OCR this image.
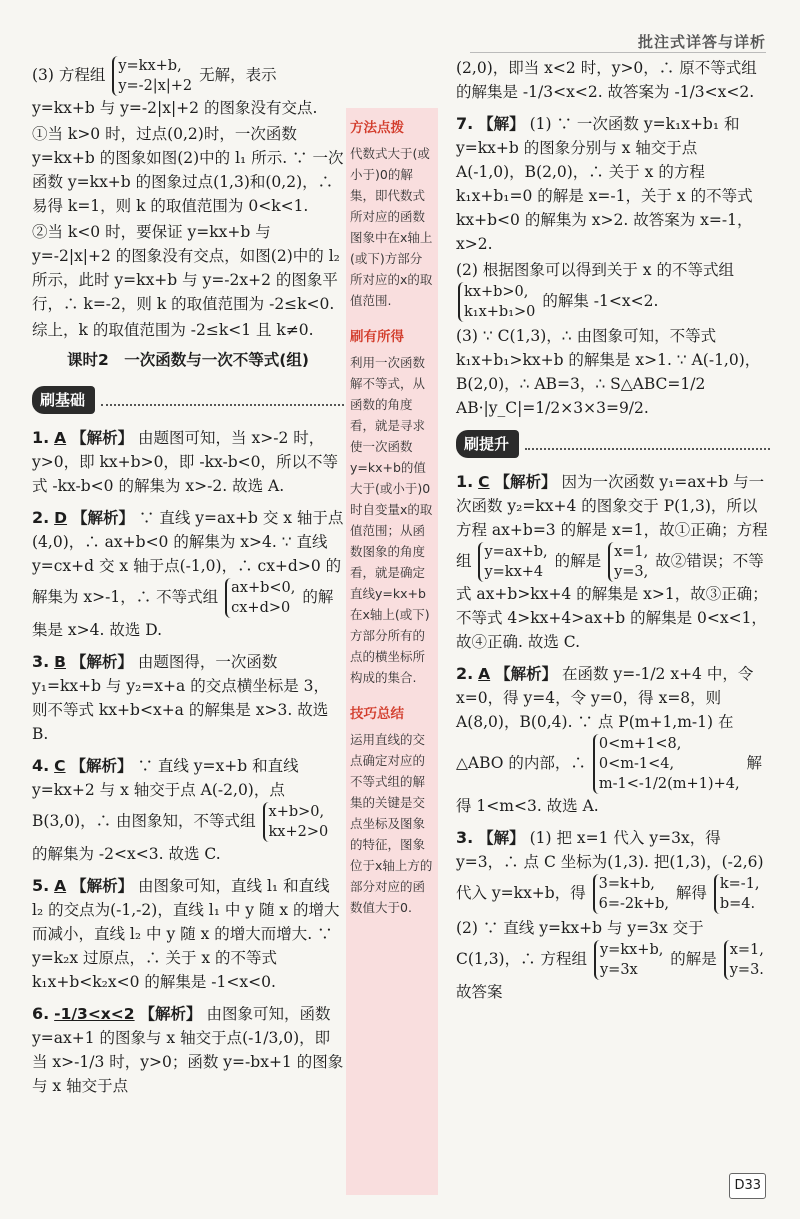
批注式详答与详析

(3) 方程组 y=kx+b,
y=-2|x|+2 无解，表示 y=kx+b 与 y=-2|x|+2 的图象没有交点.

①当 k>0 时，过点(0,2)时，一次函数 y=kx+b 的图象如图(2)中的 l₁ 所示. ∵ 一次函数 y=kx+b 的图象过点(1,3)和(0,2)，∴ 易得 k=1，则 k 的取值范围为 0<k<1.

②当 k<0 时，要保证 y=kx+b 与 y=-2|x|+2 的图象没有交点，如图(2)中的 l₂ 所示，此时 y=kx+b 与 y=-2x+2 的图象平行，∴ k=-2，则 k 的取值范围为 -2≤k<0.

综上，k 的取值范围为 -2≤k<1 且 k≠0.

课时2　一次函数与一次不等式(组)
刷基础

1. A 【解析】 由题图可知，当 x>-2 时，y>0，即 kx+b>0，即 -kx-b<0，所以不等式 -kx-b<0 的解集为 x>-2. 故选 A.

2. D 【解析】 ∵ 直线 y=ax+b 交 x 轴于点(4,0)，∴ ax+b<0 的解集为 x>4. ∵ 直线 y=cx+d 交 x 轴于点(-1,0)，∴ cx+d>0 的解集为 x>-1，∴ 不等式组 ax+b<0,
cx+d>0 的解集是 x>4. 故选 D.

3. B 【解析】 由题图得，一次函数 y₁=kx+b 与 y₂=x+a 的交点横坐标是 3，则不等式 kx+b<x+a 的解集是 x>3. 故选 B.

4. C 【解析】 ∵ 直线 y=x+b 和直线 y=kx+2 与 x 轴交于点 A(-2,0)，点 B(3,0)，∴ 由图象知，不等式组 x+b>0,
kx+2>0 的解集为 -2<x<3. 故选 C.

5. A 【解析】 由图象可知，直线 l₁ 和直线 l₂ 的交点为(-1,-2)，直线 l₁ 中 y 随 x 的增大而减小，直线 l₂ 中 y 随 x 的增大而增大. ∵ y=k₂x 过原点，∴ 关于 x 的不等式 k₁x+b<k₂x<0 的解集是 -1<x<0.

6. -1/3<x<2 【解析】 由图象可知，函数 y=ax+1 的图象与 x 轴交于点(-1/3,0)，即当 x>-1/3 时，y>0；函数 y=-bx+1 的图象与 x 轴交于点

方法点拨
代数式大于(或小于)0的解集，即代数式所对应的函数图象中在x轴上(或下)方部分所对应的x的取值范围.
刷有所得
利用一次函数解不等式，从函数的角度看，就是寻求使一次函数y=kx+b的值大于(或小于)0时自变量x的取值范围；从函数图象的角度看，就是确定直线y=kx+b在x轴上(或下)方部分所有的点的横坐标所构成的集合.
技巧总结
运用直线的交点确定对应的不等式组的解集的关键是交点坐标及图象的特征，图象位于x轴上方的部分对应的函数值大于0.

(2,0)，即当 x<2 时，y>0，∴ 原不等式组的解集是 -1/3<x<2. 故答案为 -1/3<x<2.

7. 【解】 (1) ∵ 一次函数 y=k₁x+b₁ 和 y=kx+b 的图象分别与 x 轴交于点 A(-1,0)，B(2,0)，∴ 关于 x 的方程 k₁x+b₁=0 的解是 x=-1，关于 x 的不等式 kx+b<0 的解集为 x>2. 故答案为 x=-1，x>2.

(2) 根据图象可以得到关于 x 的不等式组 kx+b>0,
k₁x+b₁>0 的解集 -1<x<2.

(3) ∵ C(1,3)，∴ 由图象可知，不等式 k₁x+b₁>kx+b 的解集是 x>1. ∵ A(-1,0)，B(2,0)，∴ AB=3，∴ S△ABC=1/2 AB·|y_C|=1/2×3×3=9/2.

刷提升

1. C 【解析】 因为一次函数 y₁=ax+b 与一次函数 y₂=kx+4 的图象交于 P(1,3)，所以方程 ax+b=3 的解是 x=1，故①正确；方程组 y=ax+b,
y=kx+4 的解是 x=1,
y=3, 故②错误；不等式 ax+b>kx+4 的解集是 x>1，故③正确；不等式 4>kx+4>ax+b 的解集是 0<x<1，故④正确. 故选 C.

2. A 【解析】 在函数 y=-1/2 x+4 中，令 x=0，得 y=4，令 y=0，得 x=8，则 A(8,0)，B(0,4). ∵ 点 P(m+1,m-1) 在 △ABO 的内部，∴ 0<m+1<8,
0<m-1<4,
m-1<-1/2(m+1)+4, 解得 1<m<3. 故选 A.

3. 【解】 (1) 把 x=1 代入 y=3x，得 y=3，∴ 点 C 坐标为(1,3). 把(1,3)，(-2,6)代入 y=kx+b，得 3=k+b,
6=-2k+b, 解得 k=-1,
b=4.

(2) ∵ 直线 y=kx+b 与 y=3x 交于 C(1,3)，∴ 方程组 y=kx+b,
y=3x 的解是 x=1,
y=3. 故答案

D33
